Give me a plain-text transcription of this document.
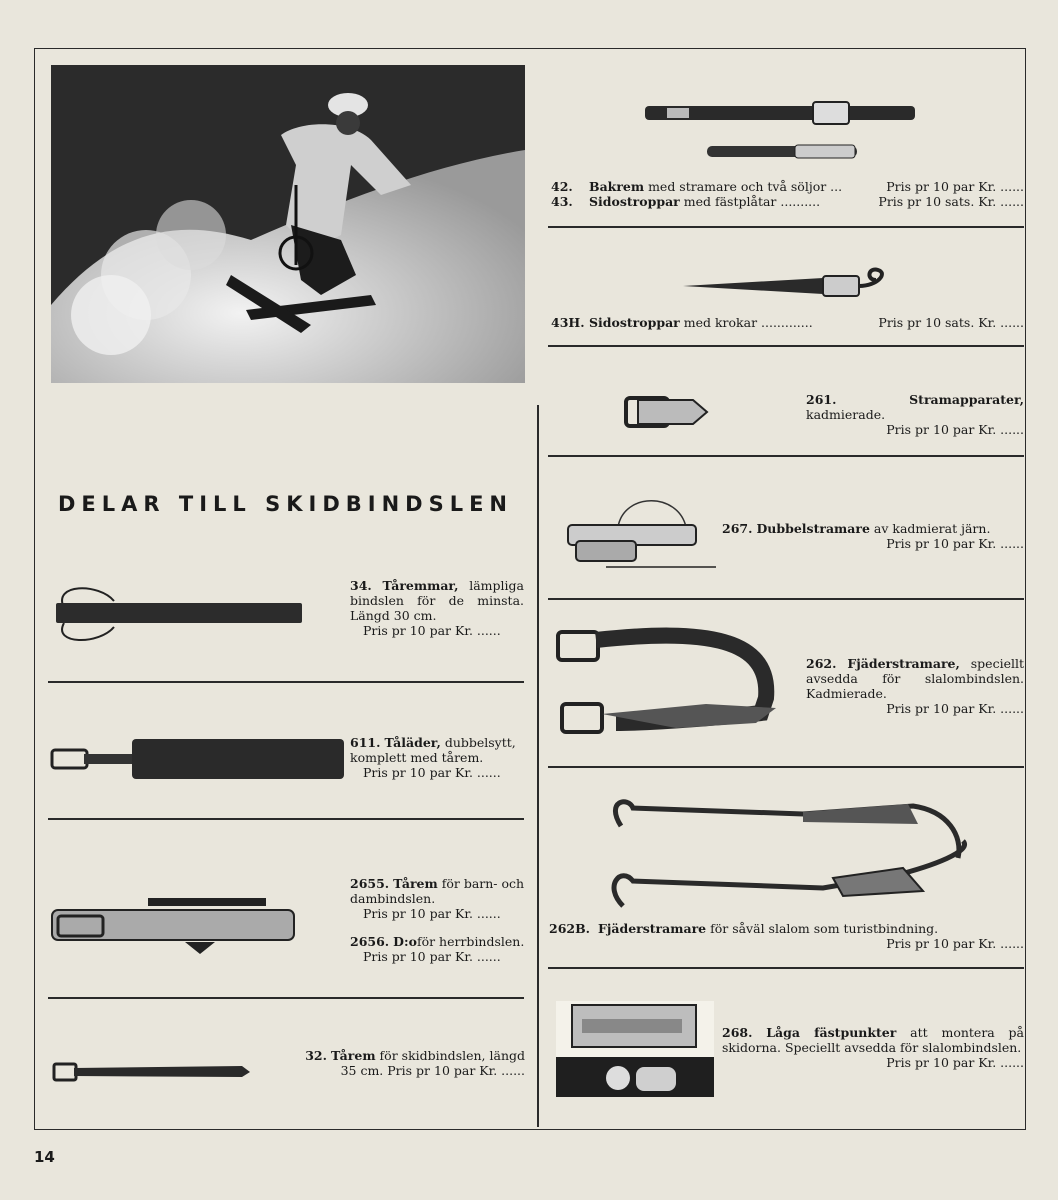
DELAR TILL SKIDBINDSLEN
42. Bakrem med stramare och två söljor ...	Pris pr 10 par Kr. ......
43. Sidostroppar med fästplåtar ..........	Pris pr 10 sats. Kr. ......
43H. Sidostroppar med krokar .............	Pris pr 10 sats. Kr. ......
261.	Stramapparater, kadmierade.
Pris pr 10 par Kr. ......
267. Dubbelstramare av kadmierat järn.
Pris pr 10 par Kr. ......
262. Fjäderstramare, speciellt avsedda för slalombindslen. Kadmierade.
Pris pr 10 par Kr. ......
262B. Fjäderstramare för såväl slalom som turistbindning.
Pris pr 10 par Kr. ......
268. Låga fästpunkter att montera på skidorna. Speciellt avsedda för slalombindslen.
Pris pr 10 par Kr. ......
34. Tåremmar, lämpliga bindslen för de minsta. Längd 30 cm.
Pris pr 10 par Kr. ......
611. Tåläder, dubbelsytt, komplett med tårem.
Pris pr 10 par Kr. ......
2655. Tårem för barn- och dambindslen.
Pris pr 10 par Kr. ......
2656. D:oför herrbindslen.
Pris pr 10 par Kr. ......
32. Tårem för skidbindslen, längd 35 cm. Pris pr 10 par Kr. ......
14
